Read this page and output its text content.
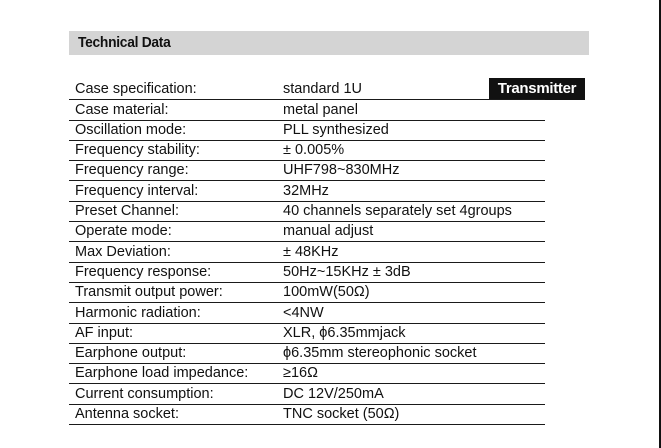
Technical Data
Transmitter
Case specification:	standard 1U
Case material:	metal panel
Oscillation mode:	PLL synthesized
Frequency stability:	± 0.005%
Frequency range:	UHF798~830MHz
Frequency interval:	32MHz
Preset Channel:	40 channels separately set 4groups
Operate mode:	manual adjust
Max Deviation:	± 48KHz
Frequency response:	50Hz~15KHz ± 3dB
Transmit output power:	100mW(50Ω)
Harmonic radiation:	<4NW
AF input:	XLR, ϕ6.35mmjack
Earphone output:	ϕ6.35mm stereophonic socket
Earphone load impedance: ≥16Ω
Current consumption:	DC 12V/250mA
Antenna socket:	TNC socket (50Ω)
